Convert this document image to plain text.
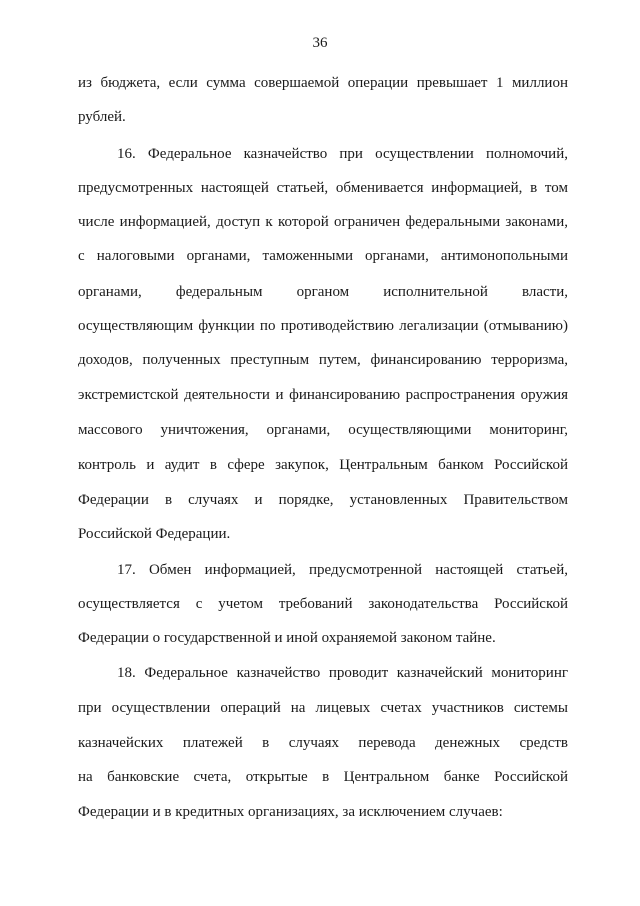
36
из бюджета, если сумма совершаемой операции превышает 1 миллион
рублей.
16. Федеральное казначейство при осуществлении полномочий,
предусмотренных настоящей статьей, обменивается информацией, в том
числе информацией, доступ к которой ограничен федеральными законами,
с налоговыми органами, таможенными органами, антимонопольными
органами, федеральным органом исполнительной власти,
осуществляющим функции по противодействию легализации (отмыванию)
доходов, полученных преступным путем, финансированию терроризма,
экстремистской деятельности и финансированию распространения оружия
массового уничтожения, органами, осуществляющими мониторинг,
контроль и аудит в сфере закупок, Центральным банком Российской
Федерации в случаях и порядке, установленных Правительством
Российской Федерации.
17. Обмен информацией, предусмотренной настоящей статьей,
осуществляется с учетом требований законодательства Российской
Федерации о государственной и иной охраняемой законом тайне.
18. Федеральное казначейство проводит казначейский мониторинг
при осуществлении операций на лицевых счетах участников системы
казначейских платежей в случаях перевода денежных средств
на банковские счета, открытые в Центральном банке Российской
Федерации и в кредитных организациях, за исключением случаев:
